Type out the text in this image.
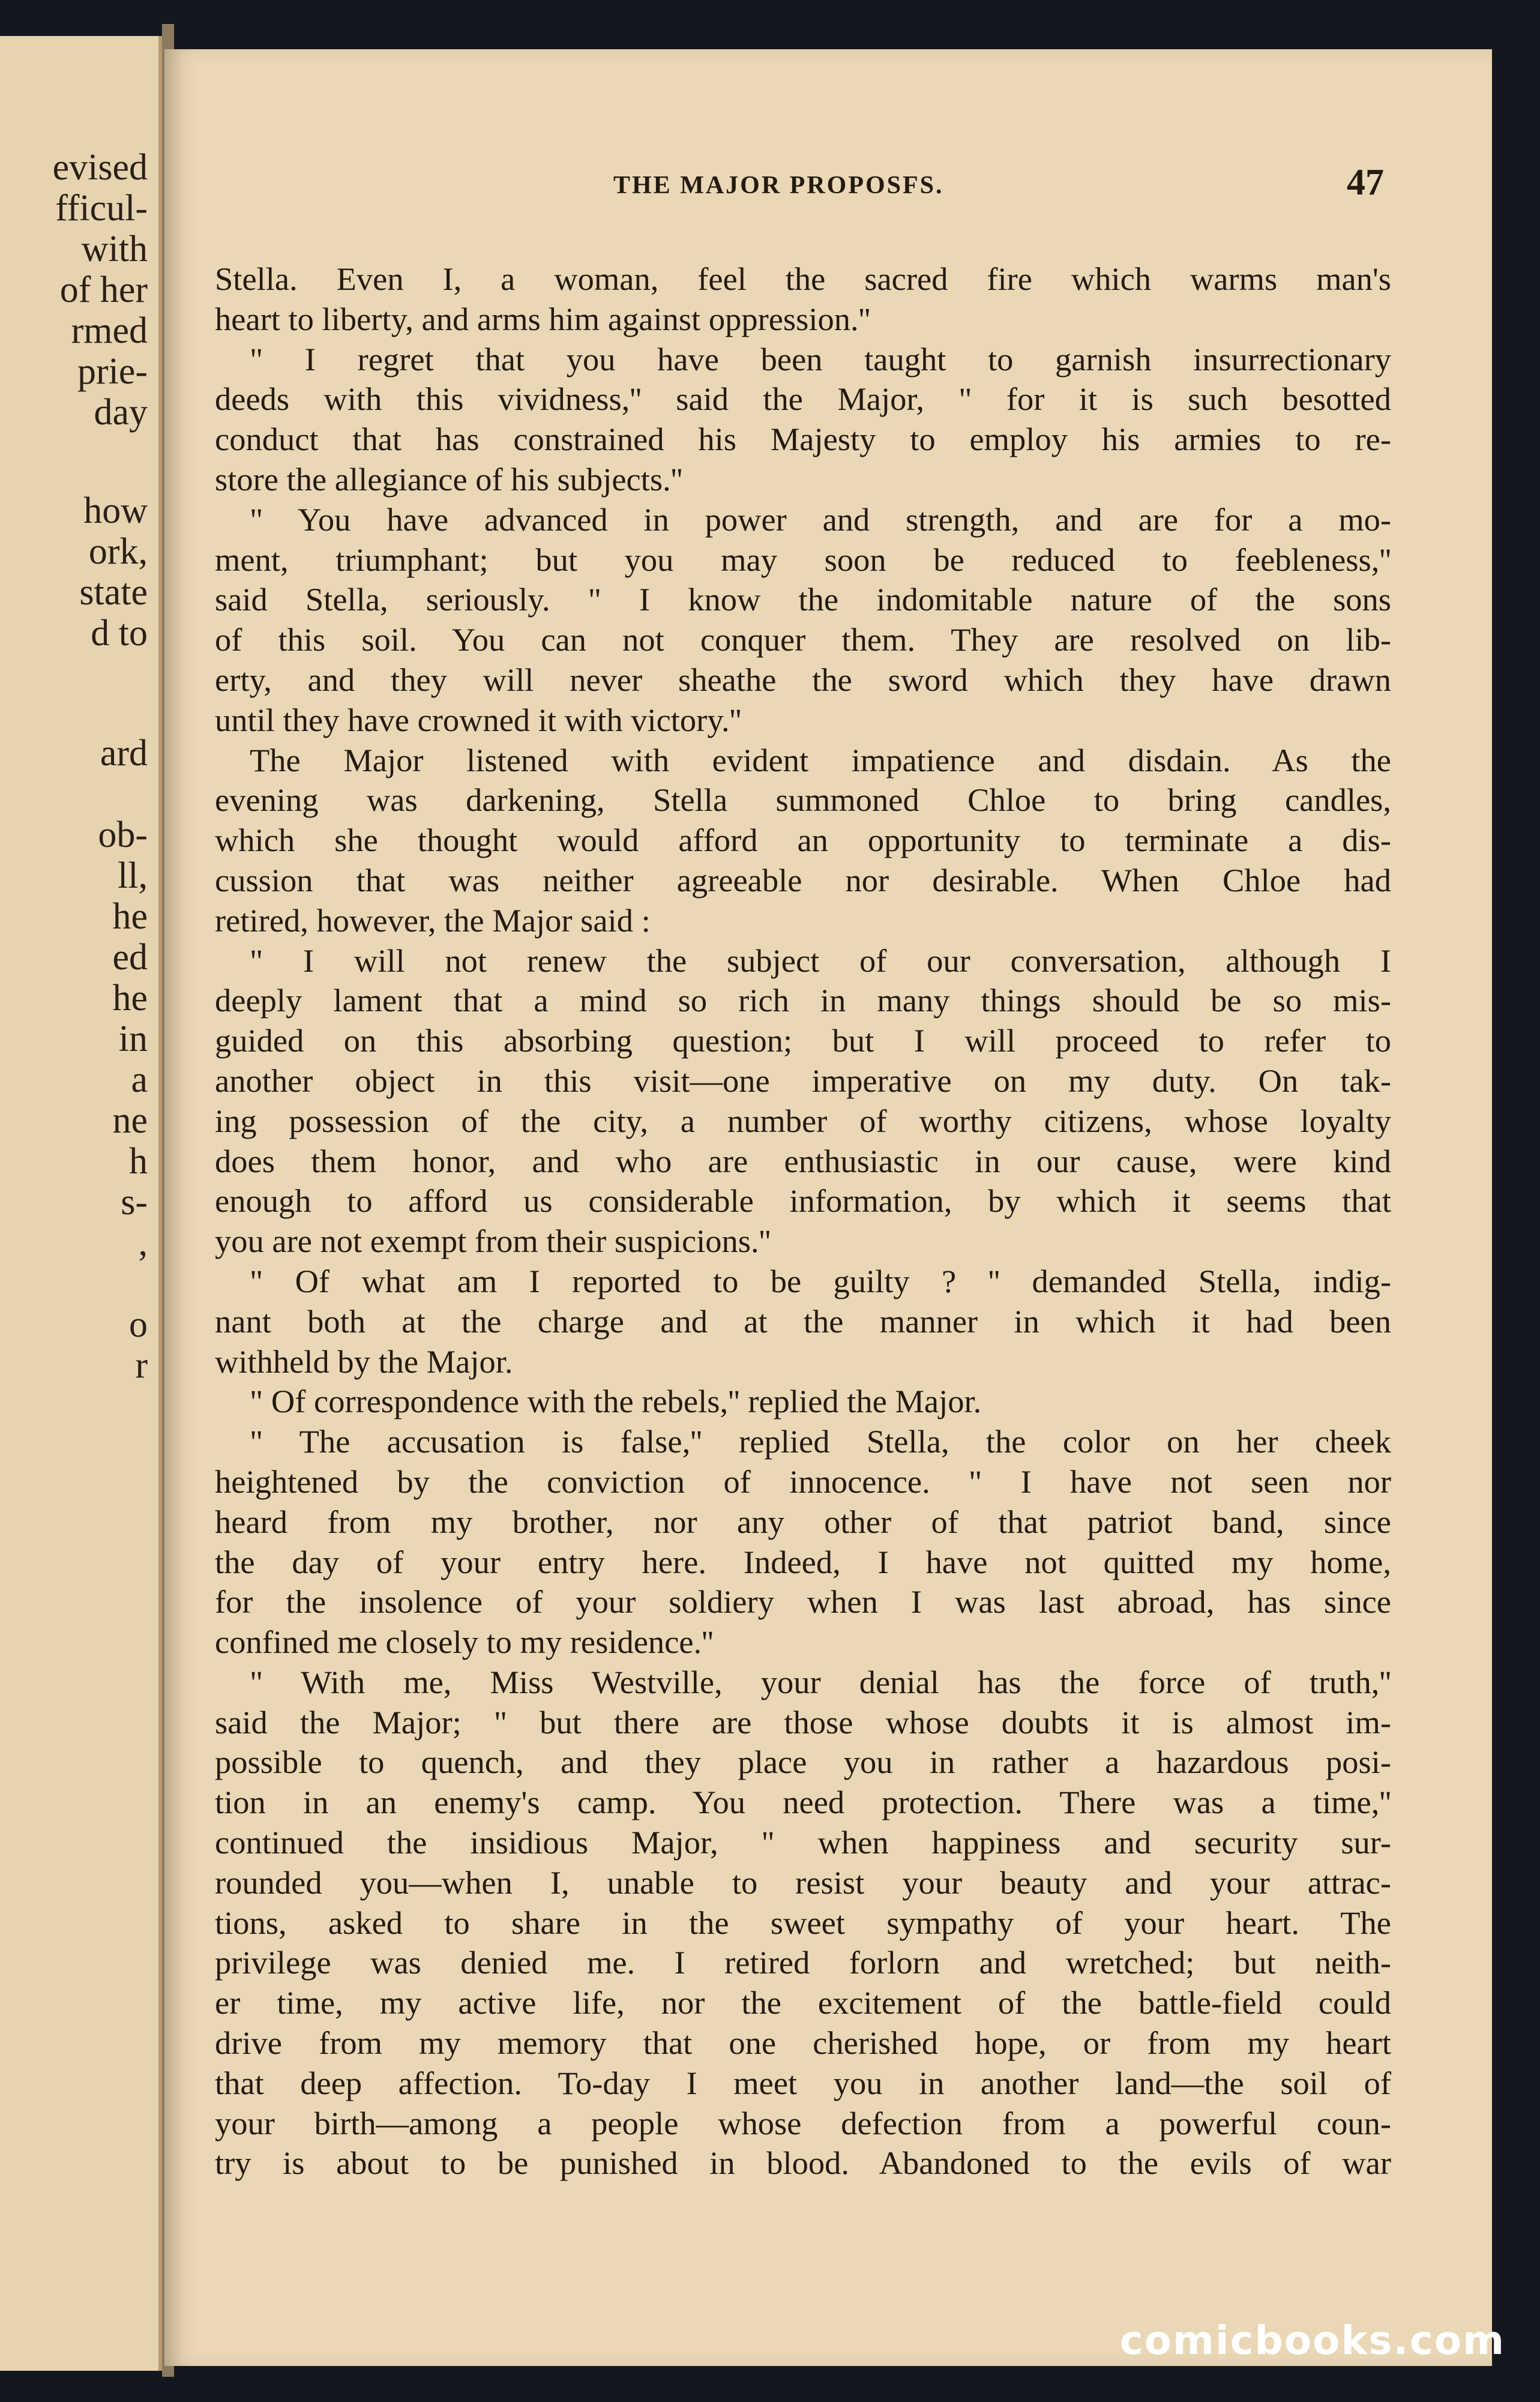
evised
fficul-
with
of her
rmed
prie-
day
how
ork,
state
d to
ard
ob-
ll,
he
ed
he
in
a
ne
h
s-
,
o
r
THE MAJOR PROPOSFS.	47
Stella. Even I, a woman, feel the sacred fire which warms man's
heart to liberty, and arms him against oppression.''
" I regret that you have been taught to garnish insurrectionary
deeds with this vividness,'' said the Major, " for it is such besotted
conduct that has constrained his Majesty to employ his armies to re-
store the allegiance of his subjects.''
" You have advanced in power and strength, and are for a mo-
ment, triumphant; but you may soon be reduced to feebleness,''
said Stella, seriously. " I know the indomitable nature of the sons
of this soil. You can not conquer them. They are resolved on lib-
erty, and they will never sheathe the sword which they have drawn
until they have crowned it with victory.''
The Major listened with evident impatience and disdain. As the
evening was darkening, Stella summoned Chloe to bring candles,
which she thought would afford an opportunity to terminate a dis-
cussion that was neither agreeable nor desirable. When Chloe had
retired, however, the Major said :
" I will not renew the subject of our conversation, although I
deeply lament that a mind so rich in many things should be so mis-
guided on this absorbing question; but I will proceed to refer to
another object in this visit—one imperative on my duty. On tak-
ing possession of the city, a number of worthy citizens, whose loyalty
does them honor, and who are enthusiastic in our cause, were kind
enough to afford us considerable information, by which it seems that
you are not exempt from their suspicions.''
" Of what am I reported to be guilty ? '' demanded Stella, indig-
nant both at the charge and at the manner in which it had been
withheld by the Major.
" Of correspondence with the rebels,'' replied the Major.
" The accusation is false,'' replied Stella, the color on her cheek
heightened by the conviction of innocence. " I have not seen nor
heard from my brother, nor any other of that patriot band, since
the day of your entry here. Indeed, I have not quitted my home,
for the insolence of your soldiery when I was last abroad, has since
confined me closely to my residence.''
" With me, Miss Westville, your denial has the force of truth,''
said the Major; " but there are those whose doubts it is almost im-
possible to quench, and they place you in rather a hazardous posi-
tion in an enemy's camp. You need protection. There was a time,''
continued the insidious Major, " when happiness and security sur-
rounded you—when I, unable to resist your beauty and your attrac-
tions, asked to share in the sweet sympathy of your heart. The
privilege was denied me. I retired forlorn and wretched; but neith-
er time, my active life, nor the excitement of the battle-field could
drive from my memory that one cherished hope, or from my heart
that deep affection. To-day I meet you in another land—the soil of
your birth—among a people whose defection from a powerful coun-
try is about to be punished in blood. Abandoned to the evils of war
comicbooks.com
